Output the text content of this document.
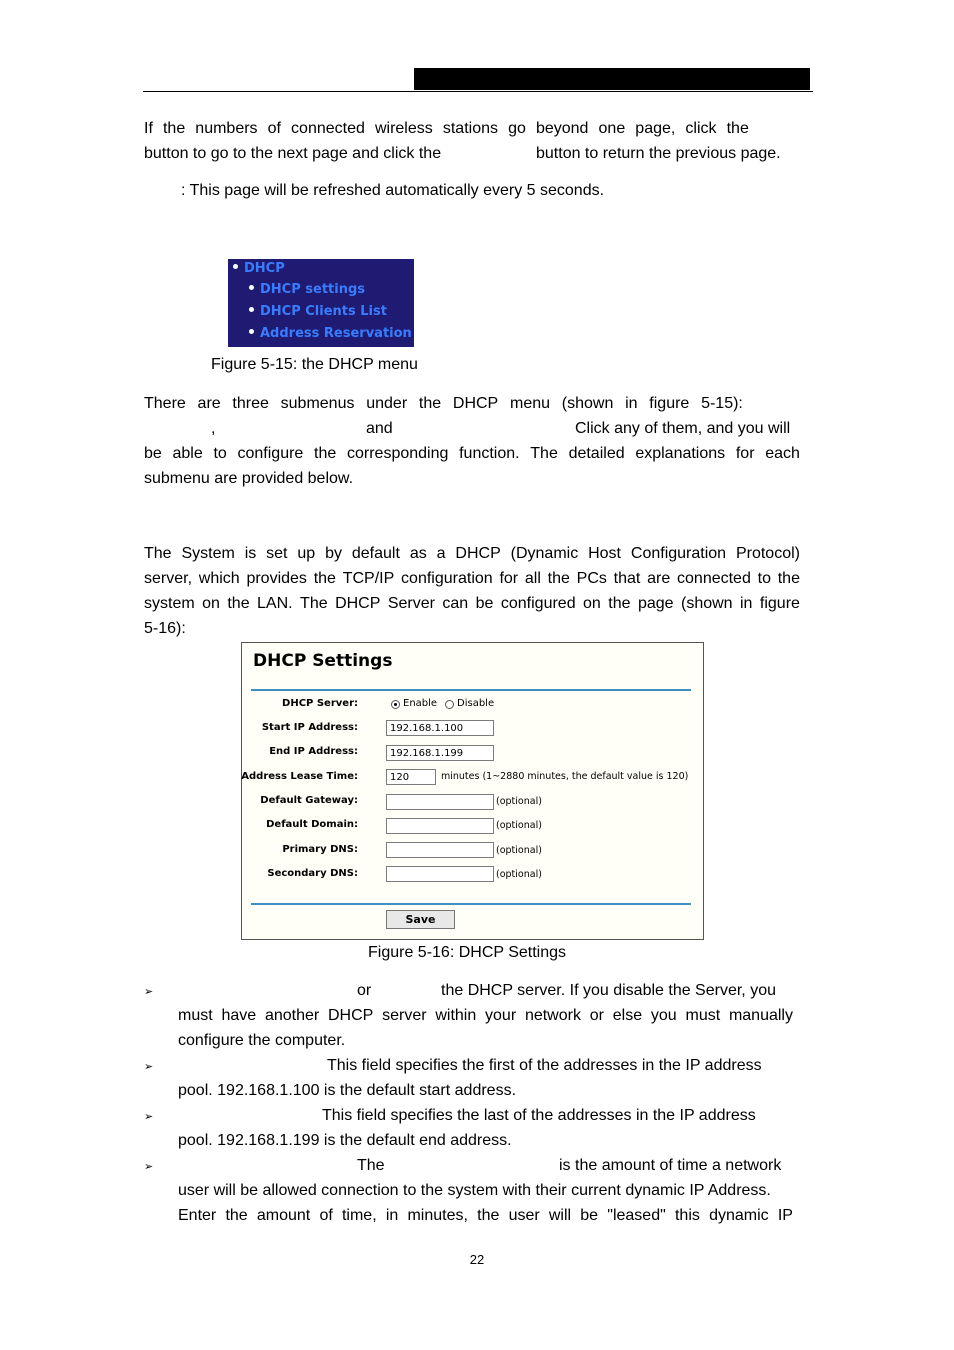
If the numbers of connected wireless stations go beyond one page, click the
button to go to the next page and click the	button to return the previous page.
: This page will be refreshed automatically every 5 seconds.
DHCP
DHCP settings
DHCP Clients List
Address Reservation
Figure 5-15: the DHCP menu
There are three submenus under the DHCP menu (shown in figure 5-15):
,	and	Click any of them, and you will
be able to configure the corresponding function. The detailed explanations for each
submenu are provided below.
The System is set up by default as a DHCP (Dynamic Host Configuration Protocol)
server, which provides the TCP/IP configuration for all the PCs that are connected to the
system on the LAN. The DHCP Server can be configured on the page (shown in figure
5-16):
DHCP Settings
DHCP Server:	Enable Disable
Start IP Address:	192.168.1.100
End IP Address:	192.168.1.199
Address Lease Time:	120	minutes (1~2880 minutes, the default value is 120)
Default Gateway:	(optional)
Default Domain:	(optional)
Primary DNS:	(optional)
Secondary DNS:	(optional)
Save
Figure 5-16: DHCP Settings
➢	or	the DHCP server. If you disable the Server, you
must have another DHCP server within your network or else you must manually
configure the computer.
➢	This field specifies the first of the addresses in the IP address
pool. 192.168.1.100 is the default start address.
➢	This field specifies the last of the addresses in the IP address
pool. 192.168.1.199 is the default end address.
➢	The	is the amount of time a network
user will be allowed connection to the system with their current dynamic IP Address.
Enter the amount of time, in minutes, the user will be "leased" this dynamic IP
22
